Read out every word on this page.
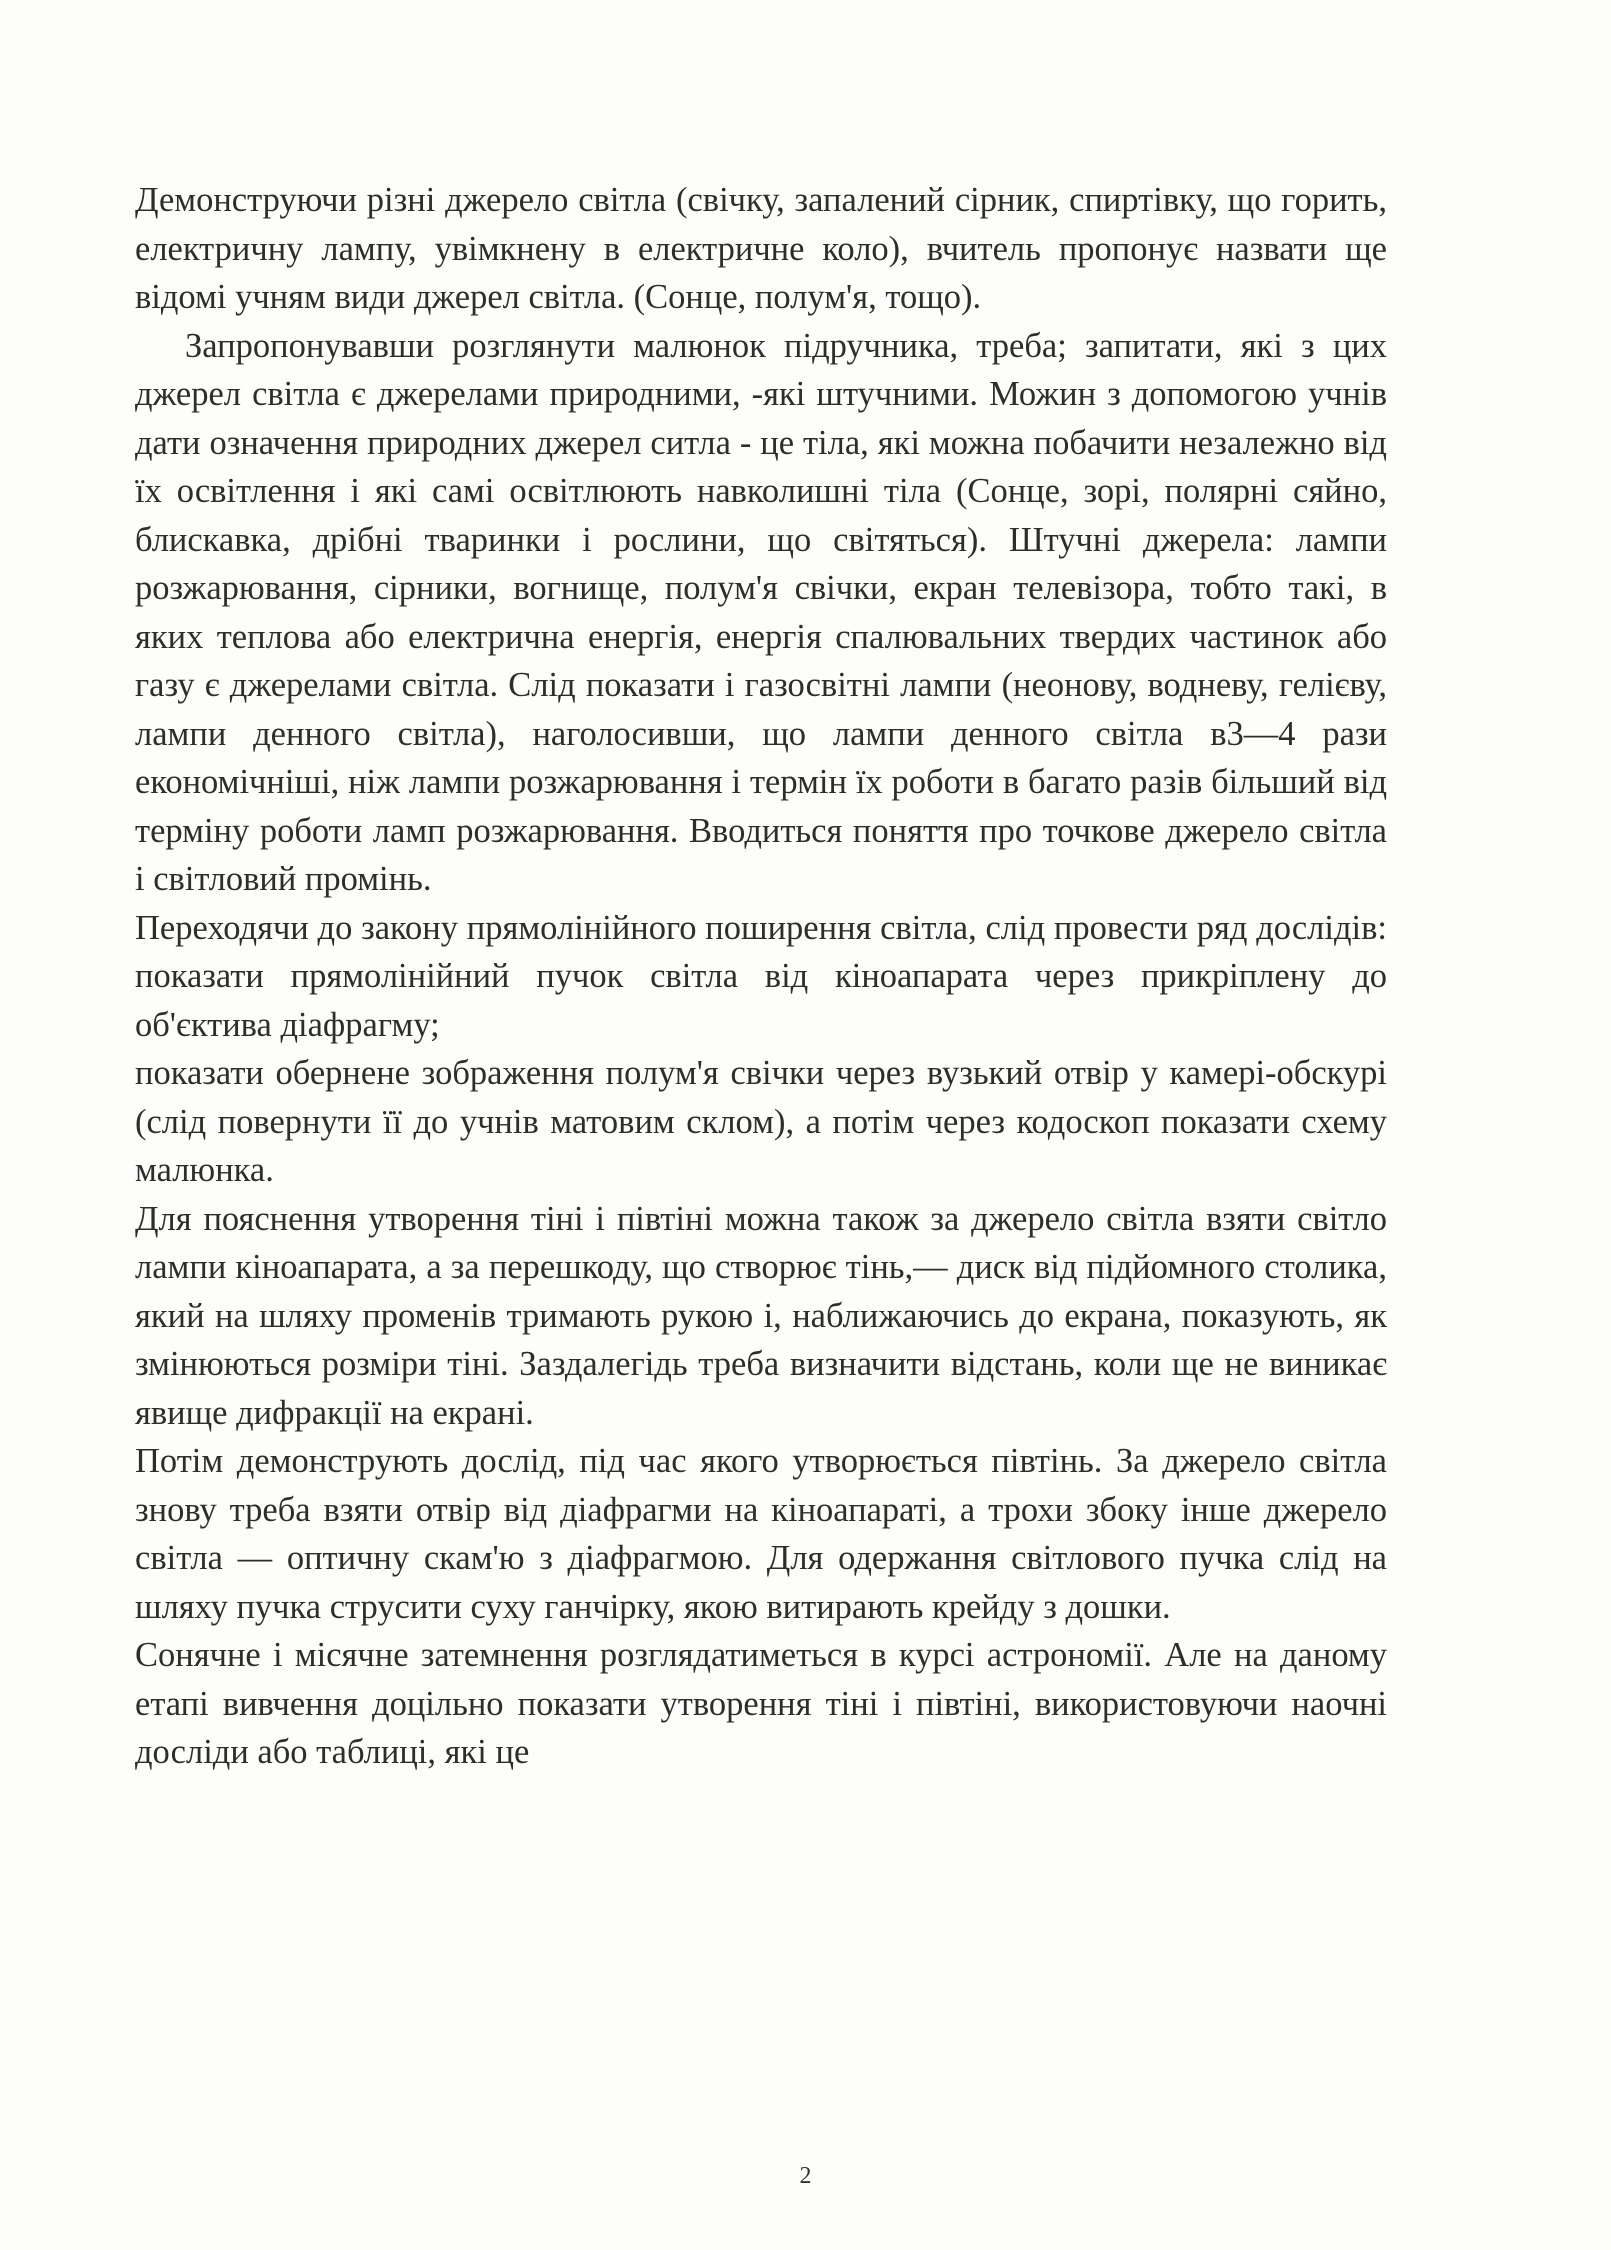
Демонструючи різні джерело світла (свічку, запалений сірник, спиртівку, що горить, електричну лампу, увімкнену в електричне коло), вчитель пропонує назвати ще відомі учням види джерел світла. (Сонце, полум'я, тощо).

Запропонувавши розглянути малюнок підручника, треба; запитати, які з цих джерел світла є джерелами природними, -які штучними. Можин з допомогою учнів дати означення природних джерел ситла - це тіла, які можна побачити незалежно від їх освітлення і які самі освітлюють навколишні тіла (Сонце, зорі, полярні сяйно, блискавка, дрібні тваринки і рослини, що світяться). Штучні джерела: лампи розжарювання, сірники, вогнище, полум'я свічки, екран телевізора, тобто такі, в яких теплова або електрична енергія, енергія спалювальних твердих частинок або газу є джерелами світла. Слід показати і газосвітні лампи (неонову, водневу, гелієву, лампи денного світла), наголосивши, що лампи денного світла в3—4 рази економічніші, ніж лампи розжарювання і термін їх роботи в багато разів більший від терміну роботи ламп розжарювання. Вводиться поняття про точкове джерело світла і світловий промінь.

Переходячи до закону прямолінійного поширення світла, слід провести ряд дослідів: показати прямолінійний пучок світла від кіноапарата через прикріплену до об'єктива діафрагму;

показати обернене зображення полум'я свічки через вузький отвір у камері-обскурі (слід повернути її до учнів матовим склом), а потім через кодоскоп показати схему малюнка.

Для пояснення утворення тіні і півтіні можна також за джерело світла взяти світло лампи кіноапарата, а за перешкоду, що створює тінь,— диск від підйомного столика, який на шляху променів тримають рукою і, наближаючись до екрана, показують, як змінюються розміри тіні. Заздалегідь треба визначити відстань, коли ще не виникає явище дифракції на екрані.

Потім демонструють дослід, під час якого утворюється півтінь. За джерело світла знову треба взяти отвір від діафрагми на кіноапараті, а трохи збоку інше джерело світла — оптичну скам'ю з діафрагмою. Для одержання світлового пучка слід на шляху пучка струсити суху ганчірку, якою витирають крейду з дошки.

Сонячне і місячне затемнення розглядатиметься в курсі астрономії. Але на даному етапі вивчення доцільно показати утворення тіні і півтіні, використовуючи наочні досліди або таблиці, які це

2
